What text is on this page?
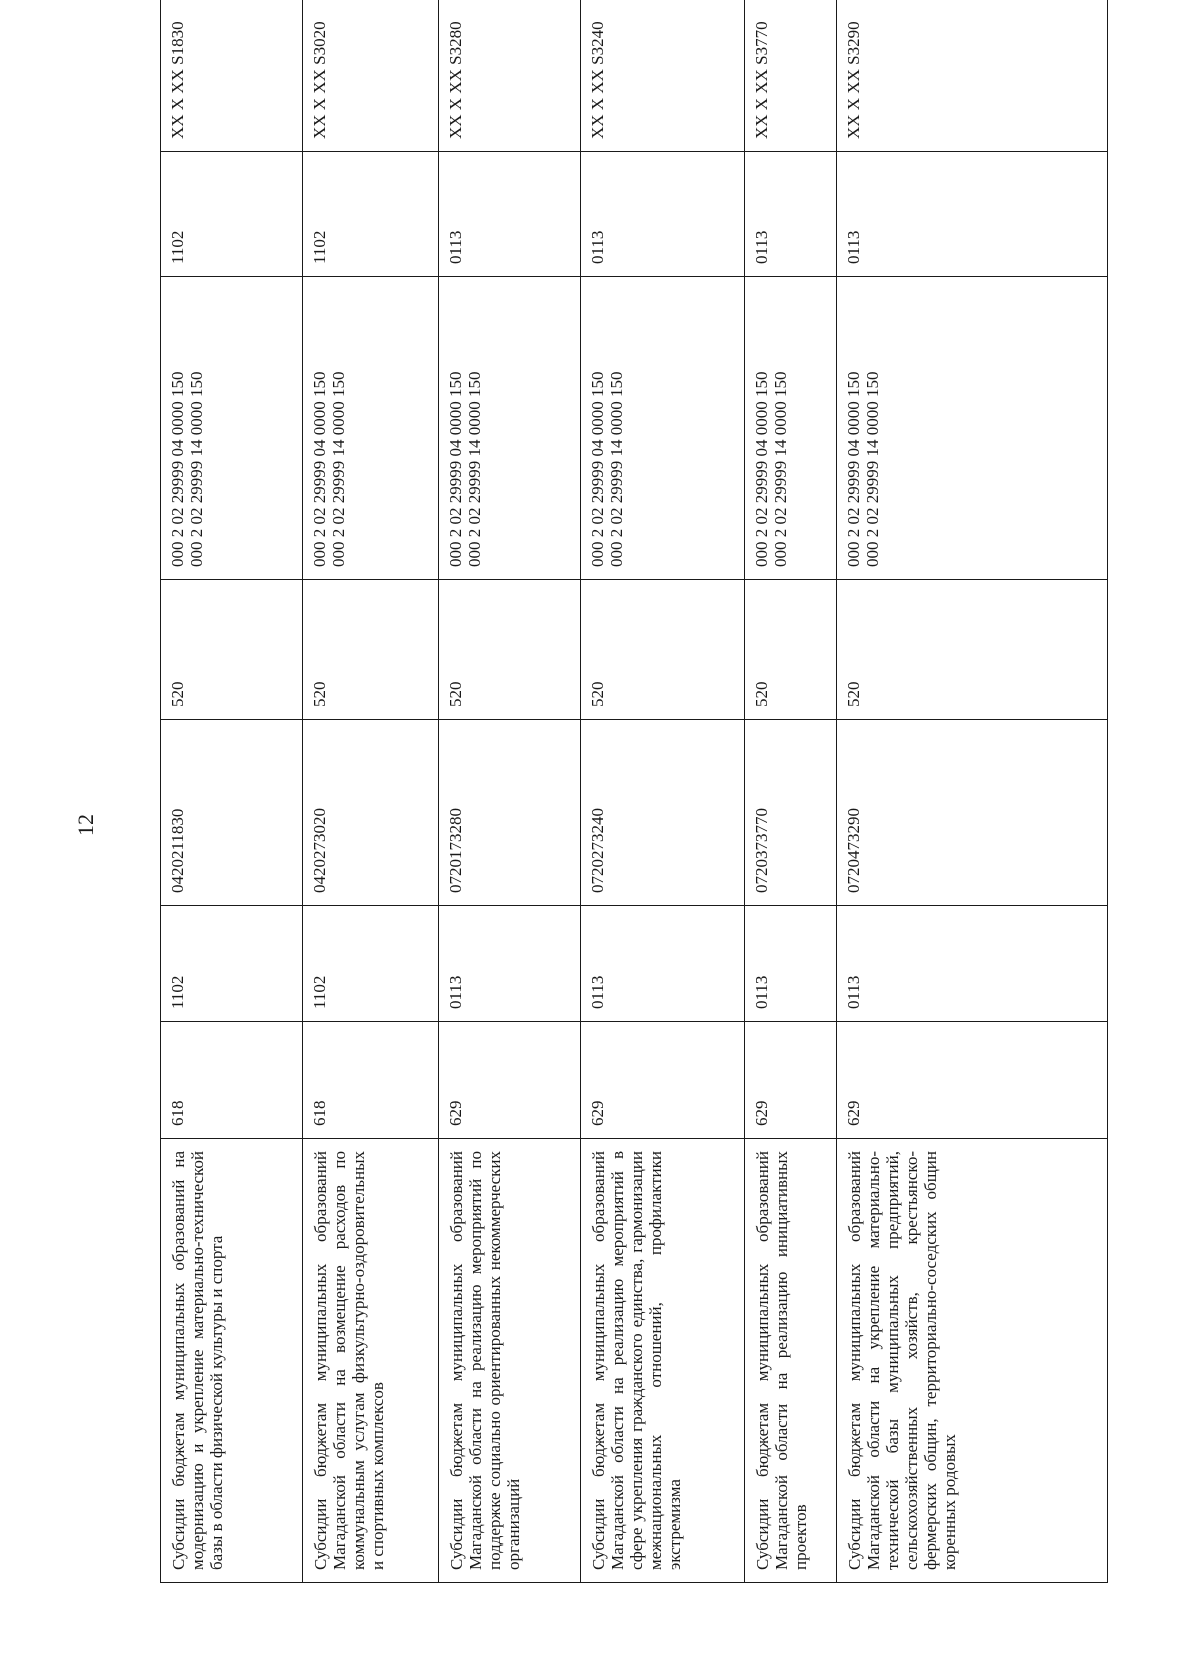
12
Субсидии бюджетам муниципальных образований на модернизацию и укрепление материально-технической базы в области физической культуры и спорта	618	1102	0420211830	520	000 2 02 29999 04 0000 150 000 2 02 29999 14 0000 150	1102	XX X XX S1830
Субсидии бюджетам муниципальных образований Магаданской области на возмещение расходов по коммунальным услугам физкультурно-оздоровительных и спортивных комплексов	618	1102	0420273020	520	000 2 02 29999 04 0000 150 000 2 02 29999 14 0000 150	1102	XX X XX S3020
Субсидии бюджетам муниципальных образований Магаданской области на реализацию мероприятий по поддержке социально ориентированных некоммерческих организаций	629	0113	0720173280	520	000 2 02 29999 04 0000 150 000 2 02 29999 14 0000 150	0113	XX X XX S3280
Субсидии бюджетам муниципальных образований Магаданской области на реализацию мероприятий в сфере укрепления гражданского единства, гармонизации межнациональных отношений, профилактики экстремизма	629	0113	0720273240	520	000 2 02 29999 04 0000 150 000 2 02 29999 14 0000 150	0113	XX X XX S3240
Субсидии бюджетам муниципальных образований Магаданской области на реализацию инициативных проектов	629	0113	0720373770	520	000 2 02 29999 04 0000 150 000 2 02 29999 14 0000 150	0113	XX X XX S3770
Субсидии бюджетам муниципальных образований Магаданской области на укрепление материально-технической базы муниципальных предприятий, сельскохозяйственных хозяйств, крестьянско-фермерских общин, территориально-соседских общин коренных родовых	629	0113	0720473290	520	000 2 02 29999 04 0000 150 000 2 02 29999 14 0000 150	0113	XX X XX S3290
